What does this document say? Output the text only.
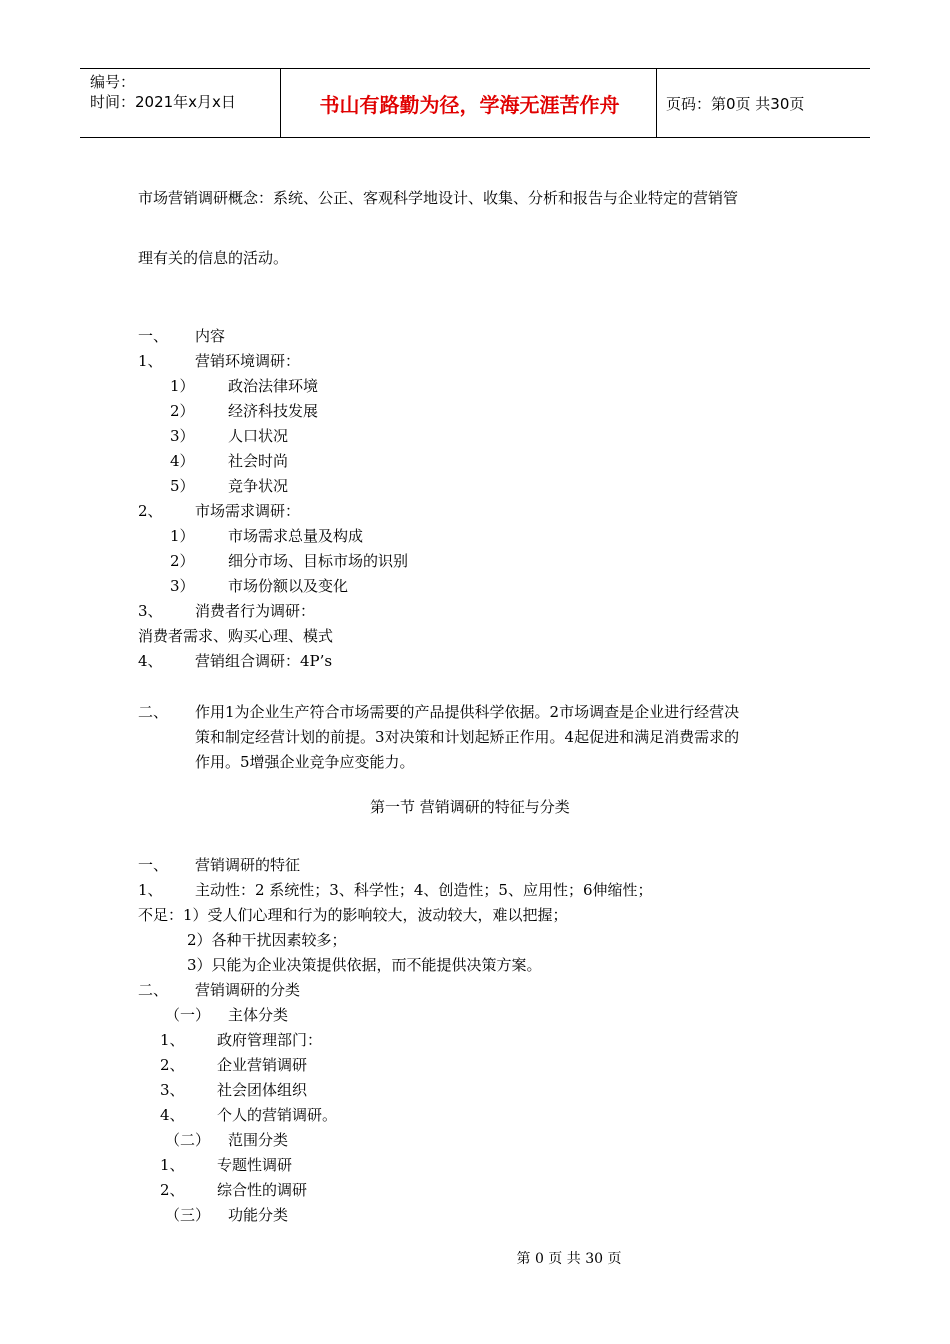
编号：
时间：2021年x月x日	书山有路勤为径，学海无涯苦作舟	页码：第0页 共30页
市场营销调研概念：系统、公正、客观科学地设计、收集、分析和报告与企业特定的营销管
理有关的信息的活动。
一、 内容
1、 营销环境调研：
1） 政治法律环境
2） 经济科技发展
3） 人口状况
4） 社会时尚
5） 竞争状况
2、 市场需求调研：
1） 市场需求总量及构成
2） 细分市场、目标市场的识别
3） 市场份额以及变化
3、 消费者行为调研：
消费者需求、购买心理、模式
4、 营销组合调研：4P’s
二、 作用1为企业生产符合市场需要的产品提供科学依据。2市场调查是企业进行经营决
策和制定经营计划的前提。3对决策和计划起矫正作用。4起促进和满足消费需求的
作用。5增强企业竞争应变能力。
第一节 营销调研的特征与分类
一、 营销调研的特征
1、 主动性：2 系统性；3、科学性；4、创造性；5、应用性；6伸缩性；
不足：1）受人们心理和行为的影响较大，波动较大，难以把握；
2）各种干扰因素较多；
3）只能为企业决策提供依据，而不能提供决策方案。
二、 营销调研的分类
（一） 主体分类
1、 政府管理部门：
2、 企业营销调研
3、 社会团体组织
4、 个人的营销调研。
（二） 范围分类
1、 专题性调研
2、 综合性的调研
（三） 功能分类
第 0 页 共 30 页
